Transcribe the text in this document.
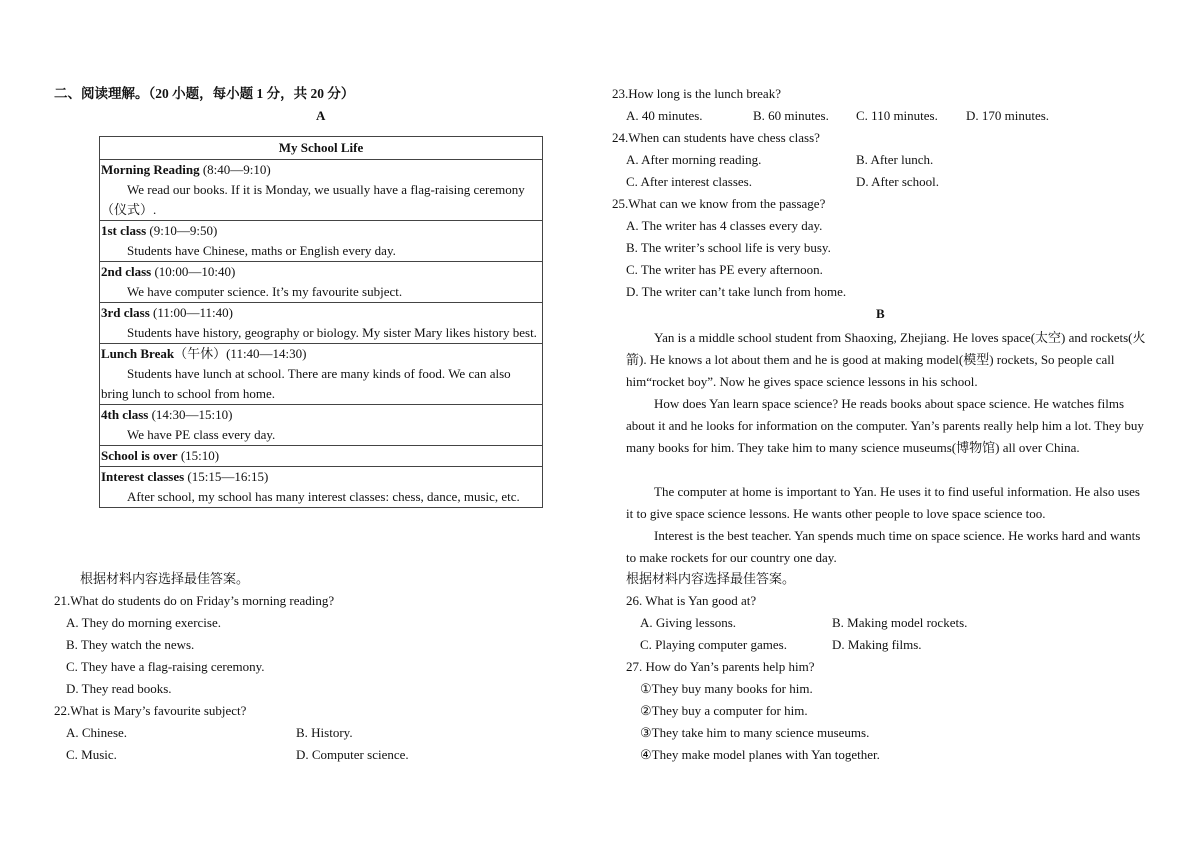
二、阅读理解。（20 小题，每小题 1 分，共 20 分）
A
My School Life
Morning Reading (8:40—9:10)
We read our books. If it is Monday, we usually have a flag-raising ceremony（仪式）.
1st class (9:10—9:50)
Students have Chinese, maths or English every day.
2nd class (10:00—10:40)
We have computer science. It’s my favourite subject.
3rd class (11:00—11:40)
Students have history, geography or biology. My sister Mary likes history best.
Lunch Break（午休）(11:40—14:30)
Students have lunch at school. There are many kinds of food. We can also bring lunch to school from home.
4th class (14:30—15:10)
We have PE class every day.
School is over (15:10)
Interest classes (15:15—16:15)
After school, my school has many interest classes: chess, dance, music, etc.
根据材料内容选择最佳答案。
21.What do students do on Friday’s morning reading?
A. They do morning exercise.
B. They watch the news.
C. They have a flag-raising ceremony.
D. They read books.
22.What is Mary’s favourite subject?
A. Chinese.	B. History.
C. Music.	D. Computer science.
23.How long is the lunch break?
A. 40 minutes.	B. 60 minutes. C. 110 minutes. D. 170 minutes.
24.When can students have chess class?
A. After morning reading.	B. After lunch.
C. After interest classes.	D. After school.
25.What can we know from the passage?
A. The writer has 4 classes every day.
B. The writer’s school life is very busy.
C. The writer has PE every afternoon.
D. The writer can’t take lunch from home.
B
Yan is a middle school student from Shaoxing, Zhejiang. He loves space(太空) and rockets(火箭). He knows a lot about them and he is good at making model(模型) rockets, So people call him“rocket boy”. Now he gives space science lessons in his school.
How does Yan learn space science? He reads books about space science. He watches films about it and he looks for information on the computer. Yan’s parents really help him a lot. They buy many books for him. They take him to many science museums(博物馆) all over China.
The computer at home is important to Yan. He uses it to find useful information. He also uses it to give space science lessons. He wants other people to love space science too.
Interest is the best teacher. Yan spends much time on space science. He works hard and wants to make rockets for our country one day.
根据材料内容选择最佳答案。
26. What is Yan good at?
A. Giving lessons.	B. Making model rockets.
C. Playing computer games.	D. Making films.
27. How do Yan’s parents help him?
①They buy many books for him.
②They buy a computer for him.
③They take him to many science museums.
④They make model planes with Yan together.
